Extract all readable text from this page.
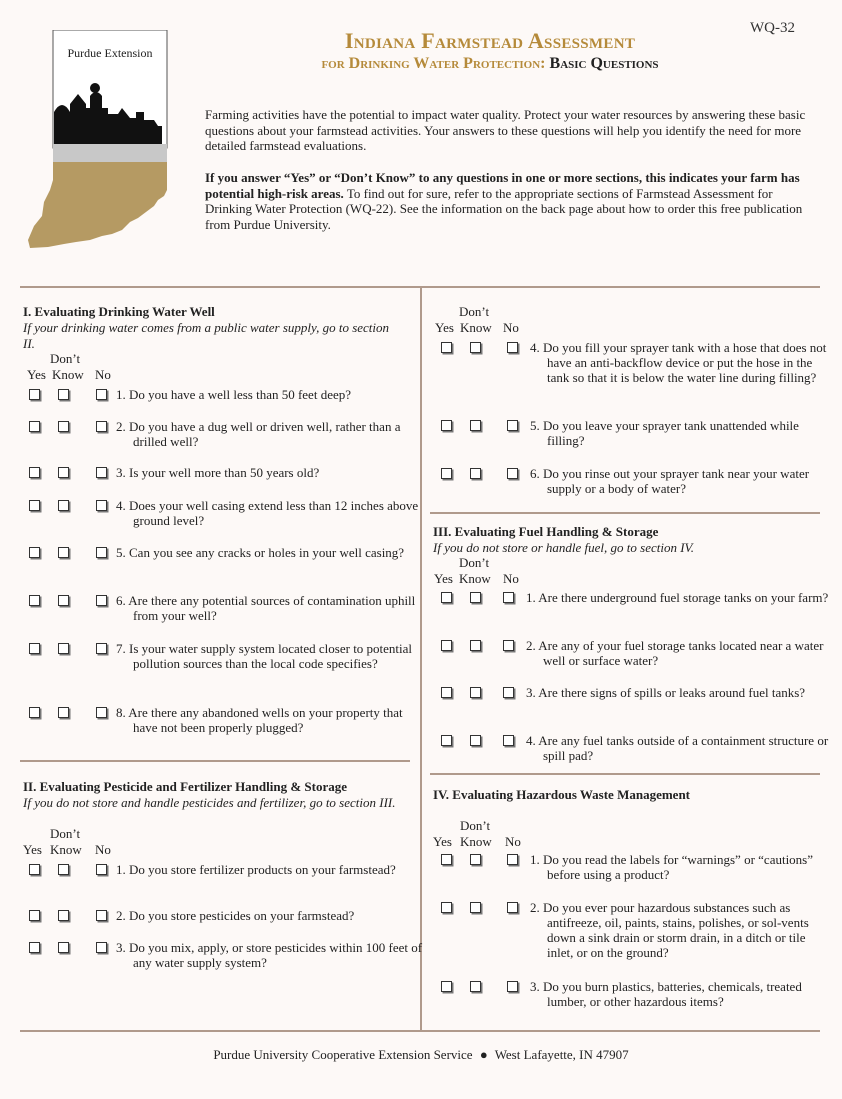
WQ-32
Indiana Farmstead Assessment
for Drinking Water Protection: Basic Questions
Purdue Extension
Farming activities have the potential to impact water quality. Protect your water resources by answering these basic questions about your farmstead activities. Your answers to these questions will help you identify the need for more detailed farmstead evaluations.
If you answer “Yes” or “Don’t Know” to any questions in one or more sections, this indicates your farm has potential high-risk areas. To find out for sure, refer to the appropriate sections of Farmstead Assessment for Drinking Water Protection (WQ-22). See the information on the back page about how to order this free publication from Purdue University.
I. Evaluating Drinking Water Well
If your drinking water comes from a public water supply, go to section II.
Don’t
Yes Know No
II. Evaluating Pesticide and Fertilizer Handling & Storage
If you do not store and handle pesticides and fertilizer, go to section III.
Don’t
Yes Know No
Don’t
Yes Know No
III. Evaluating Fuel Handling & Storage
If you do not store or handle fuel, go to section IV.
Don’t
Yes Know No
IV. Evaluating Hazardous Waste Management
Don’t
Yes Know No
Purdue University Cooperative Extension Service ● West Lafayette, IN 47907
1. Do you have a well less than 50 feet deep?
2. Do you have a dug well or driven well, rather than a drilled well?
3. Is your well more than 50 years old?
4. Does your well casing extend less than 12 inches above ground level?
5. Can you see any cracks or holes in your well casing?
6. Are there any potential sources of contamination uphill from your well?
7. Is your water supply system located closer to potential pollution sources than the local code specifies?
8. Are there any abandoned wells on your property that have not been properly plugged?
1. Do you store fertilizer products on your farmstead?
2. Do you store pesticides on your farmstead?
3. Do you mix, apply, or store pesticides within 100 feet of any water supply system?
4. Do you fill your sprayer tank with a hose that does not have an anti-backflow device or put the hose in the tank so that it is below the water line during filling?
5. Do you leave your sprayer tank unattended while filling?
6. Do you rinse out your sprayer tank near your water supply or a body of water?
1. Are there underground fuel storage tanks on your farm?
2. Are any of your fuel storage tanks located near a water well or surface water?
3. Are there signs of spills or leaks around fuel tanks?
4. Are any fuel tanks outside of a containment structure or spill pad?
1. Do you read the labels for “warnings” or “cautions” before using a product?
2. Do you ever pour hazardous substances such as antifreeze, oil, paints, stains, polishes, or sol-vents down a sink drain or storm drain, in a ditch or tile inlet, or on the ground?
3. Do you burn plastics, batteries, chemicals, treated lumber, or other hazardous items?
